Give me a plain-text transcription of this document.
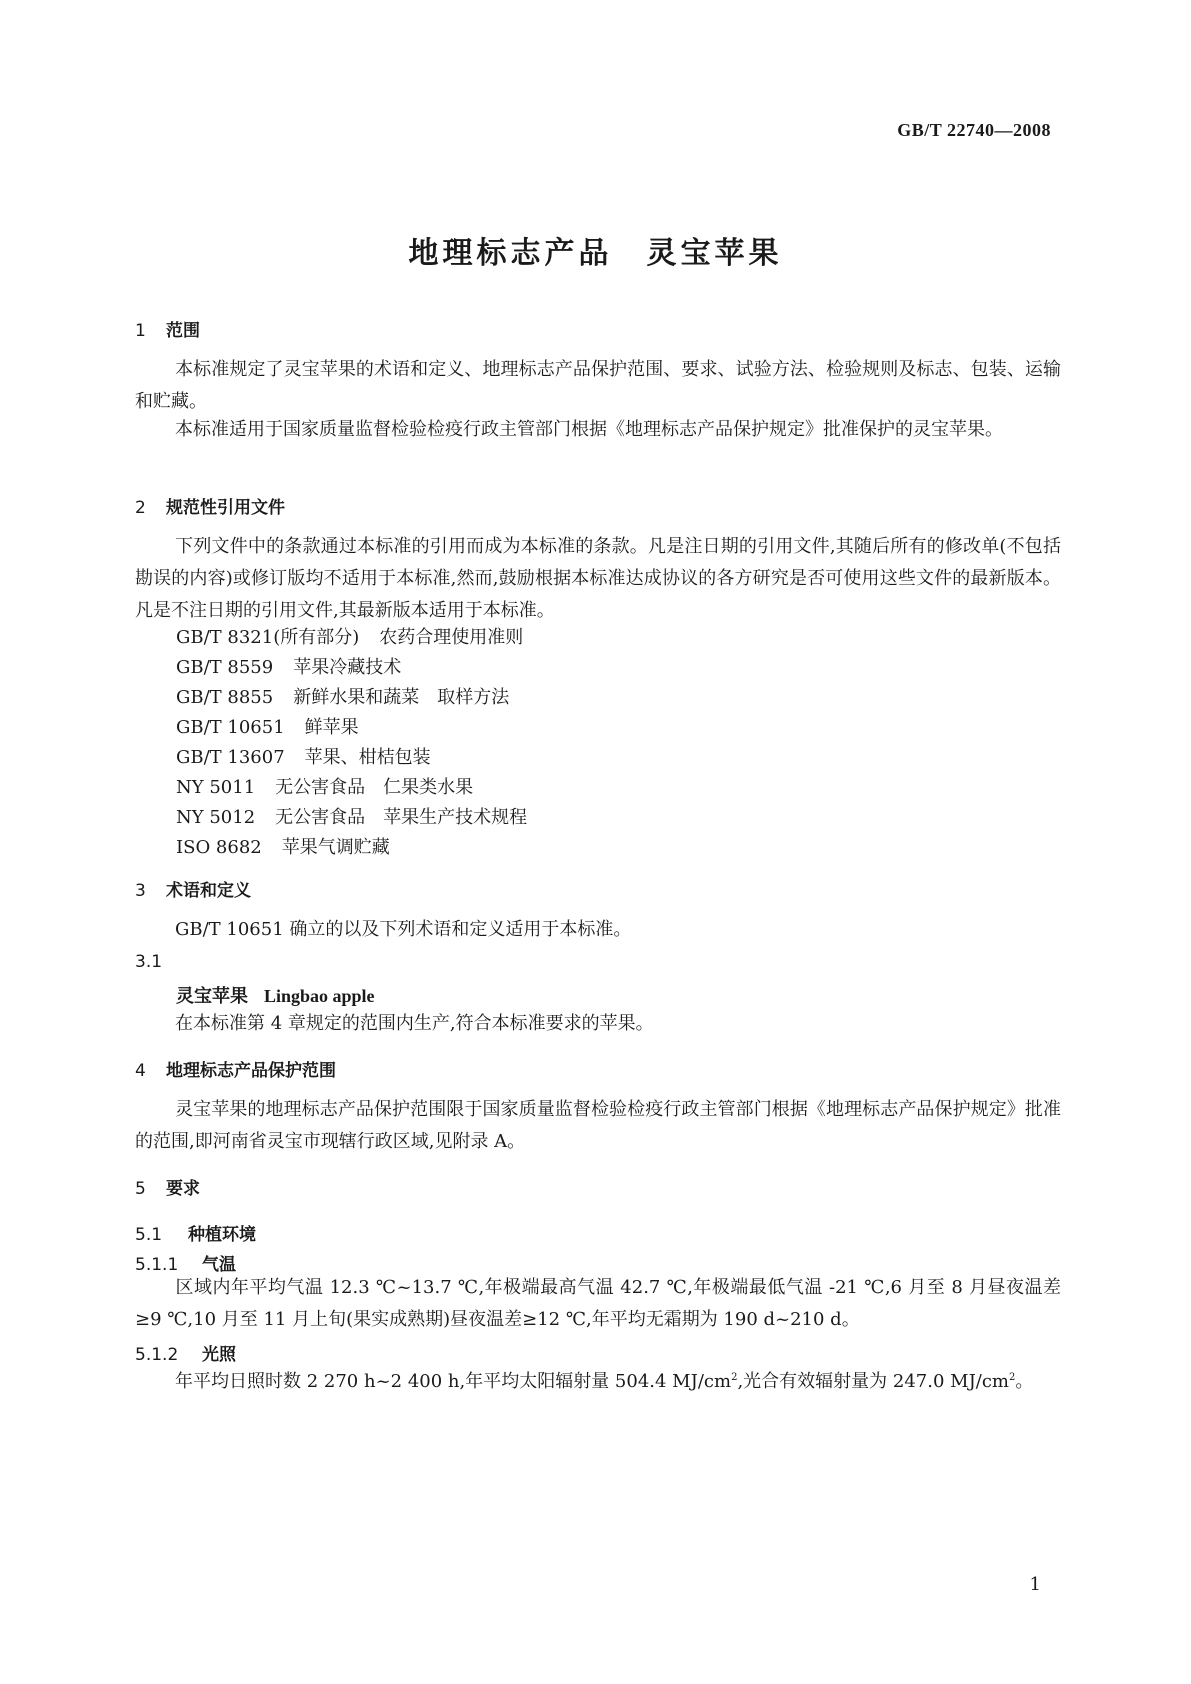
GB/T 22740—2008
地理标志产品 灵宝苹果
1 范围
本标准规定了灵宝苹果的术语和定义、地理标志产品保护范围、要求、试验方法、检验规则及标志、包装、运输和贮藏。
本标准适用于国家质量监督检验检疫行政主管部门根据《地理标志产品保护规定》批准保护的灵宝苹果。
2 规范性引用文件
下列文件中的条款通过本标准的引用而成为本标准的条款。凡是注日期的引用文件,其随后所有的修改单(不包括勘误的内容)或修订版均不适用于本标准,然而,鼓励根据本标准达成协议的各方研究是否可使用这些文件的最新版本。凡是不注日期的引用文件,其最新版本适用于本标准。
GB/T 8321(所有部分) 农药合理使用准则
GB/T 8559 苹果冷藏技术
GB/T 8855 新鲜水果和蔬菜 取样方法
GB/T 10651 鲜苹果
GB/T 13607 苹果、柑桔包装
NY 5011 无公害食品 仁果类水果
NY 5012 无公害食品 苹果生产技术规程
ISO 8682 苹果气调贮藏
3 术语和定义
GB/T 10651 确立的以及下列术语和定义适用于本标准。
3.1
灵宝苹果 Lingbao apple
在本标准第 4 章规定的范围内生产,符合本标准要求的苹果。
4 地理标志产品保护范围
灵宝苹果的地理标志产品保护范围限于国家质量监督检验检疫行政主管部门根据《地理标志产品保护规定》批准的范围,即河南省灵宝市现辖行政区域,见附录 A。
5 要求
5.1 种植环境
5.1.1 气温
区域内年平均气温 12.3 ℃~13.7 ℃,年极端最高气温 42.7 ℃,年极端最低气温 -21 ℃,6 月至 8 月昼夜温差≥9 ℃,10 月至 11 月上旬(果实成熟期)昼夜温差≥12 ℃,年平均无霜期为 190 d~210 d。
5.1.2 光照
年平均日照时数 2 270 h~2 400 h,年平均太阳辐射量 504.4 $MJ/cm^2$,光合有效辐射量为 247.0 $MJ/cm^2$。
1
